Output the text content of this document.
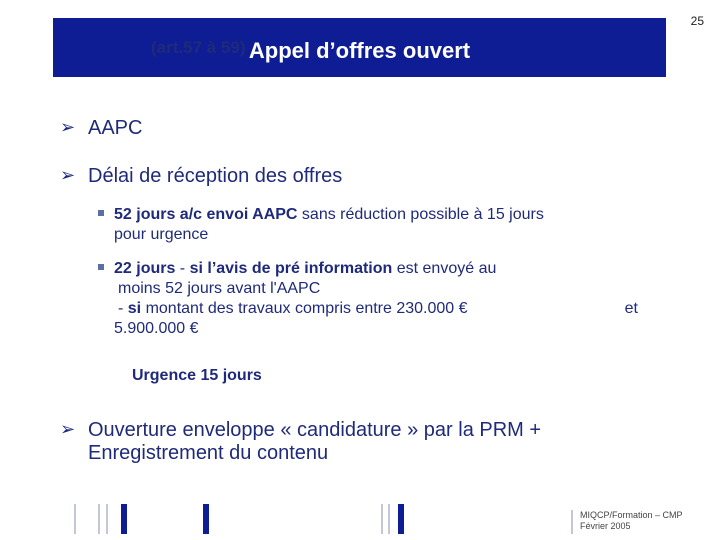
25
Appel d’offres ouvert
(art.57 à 59)
➢ AAPC
➢ Délai de réception des offres
52 jours a/c envoi AAPC sans réduction possible à 15 jours
pour urgence
22 jours - si l’avis de pré information est envoyé au
moins 52 jours avant l'AAPC
- si montant des travaux compris entre 230.000 €	et
5.900.000 €
Urgence 15 jours
➢ Ouverture enveloppe « candidature » par la PRM +
Enregistrement du contenu
MIQCP/Formation – CMP
Février 2005
